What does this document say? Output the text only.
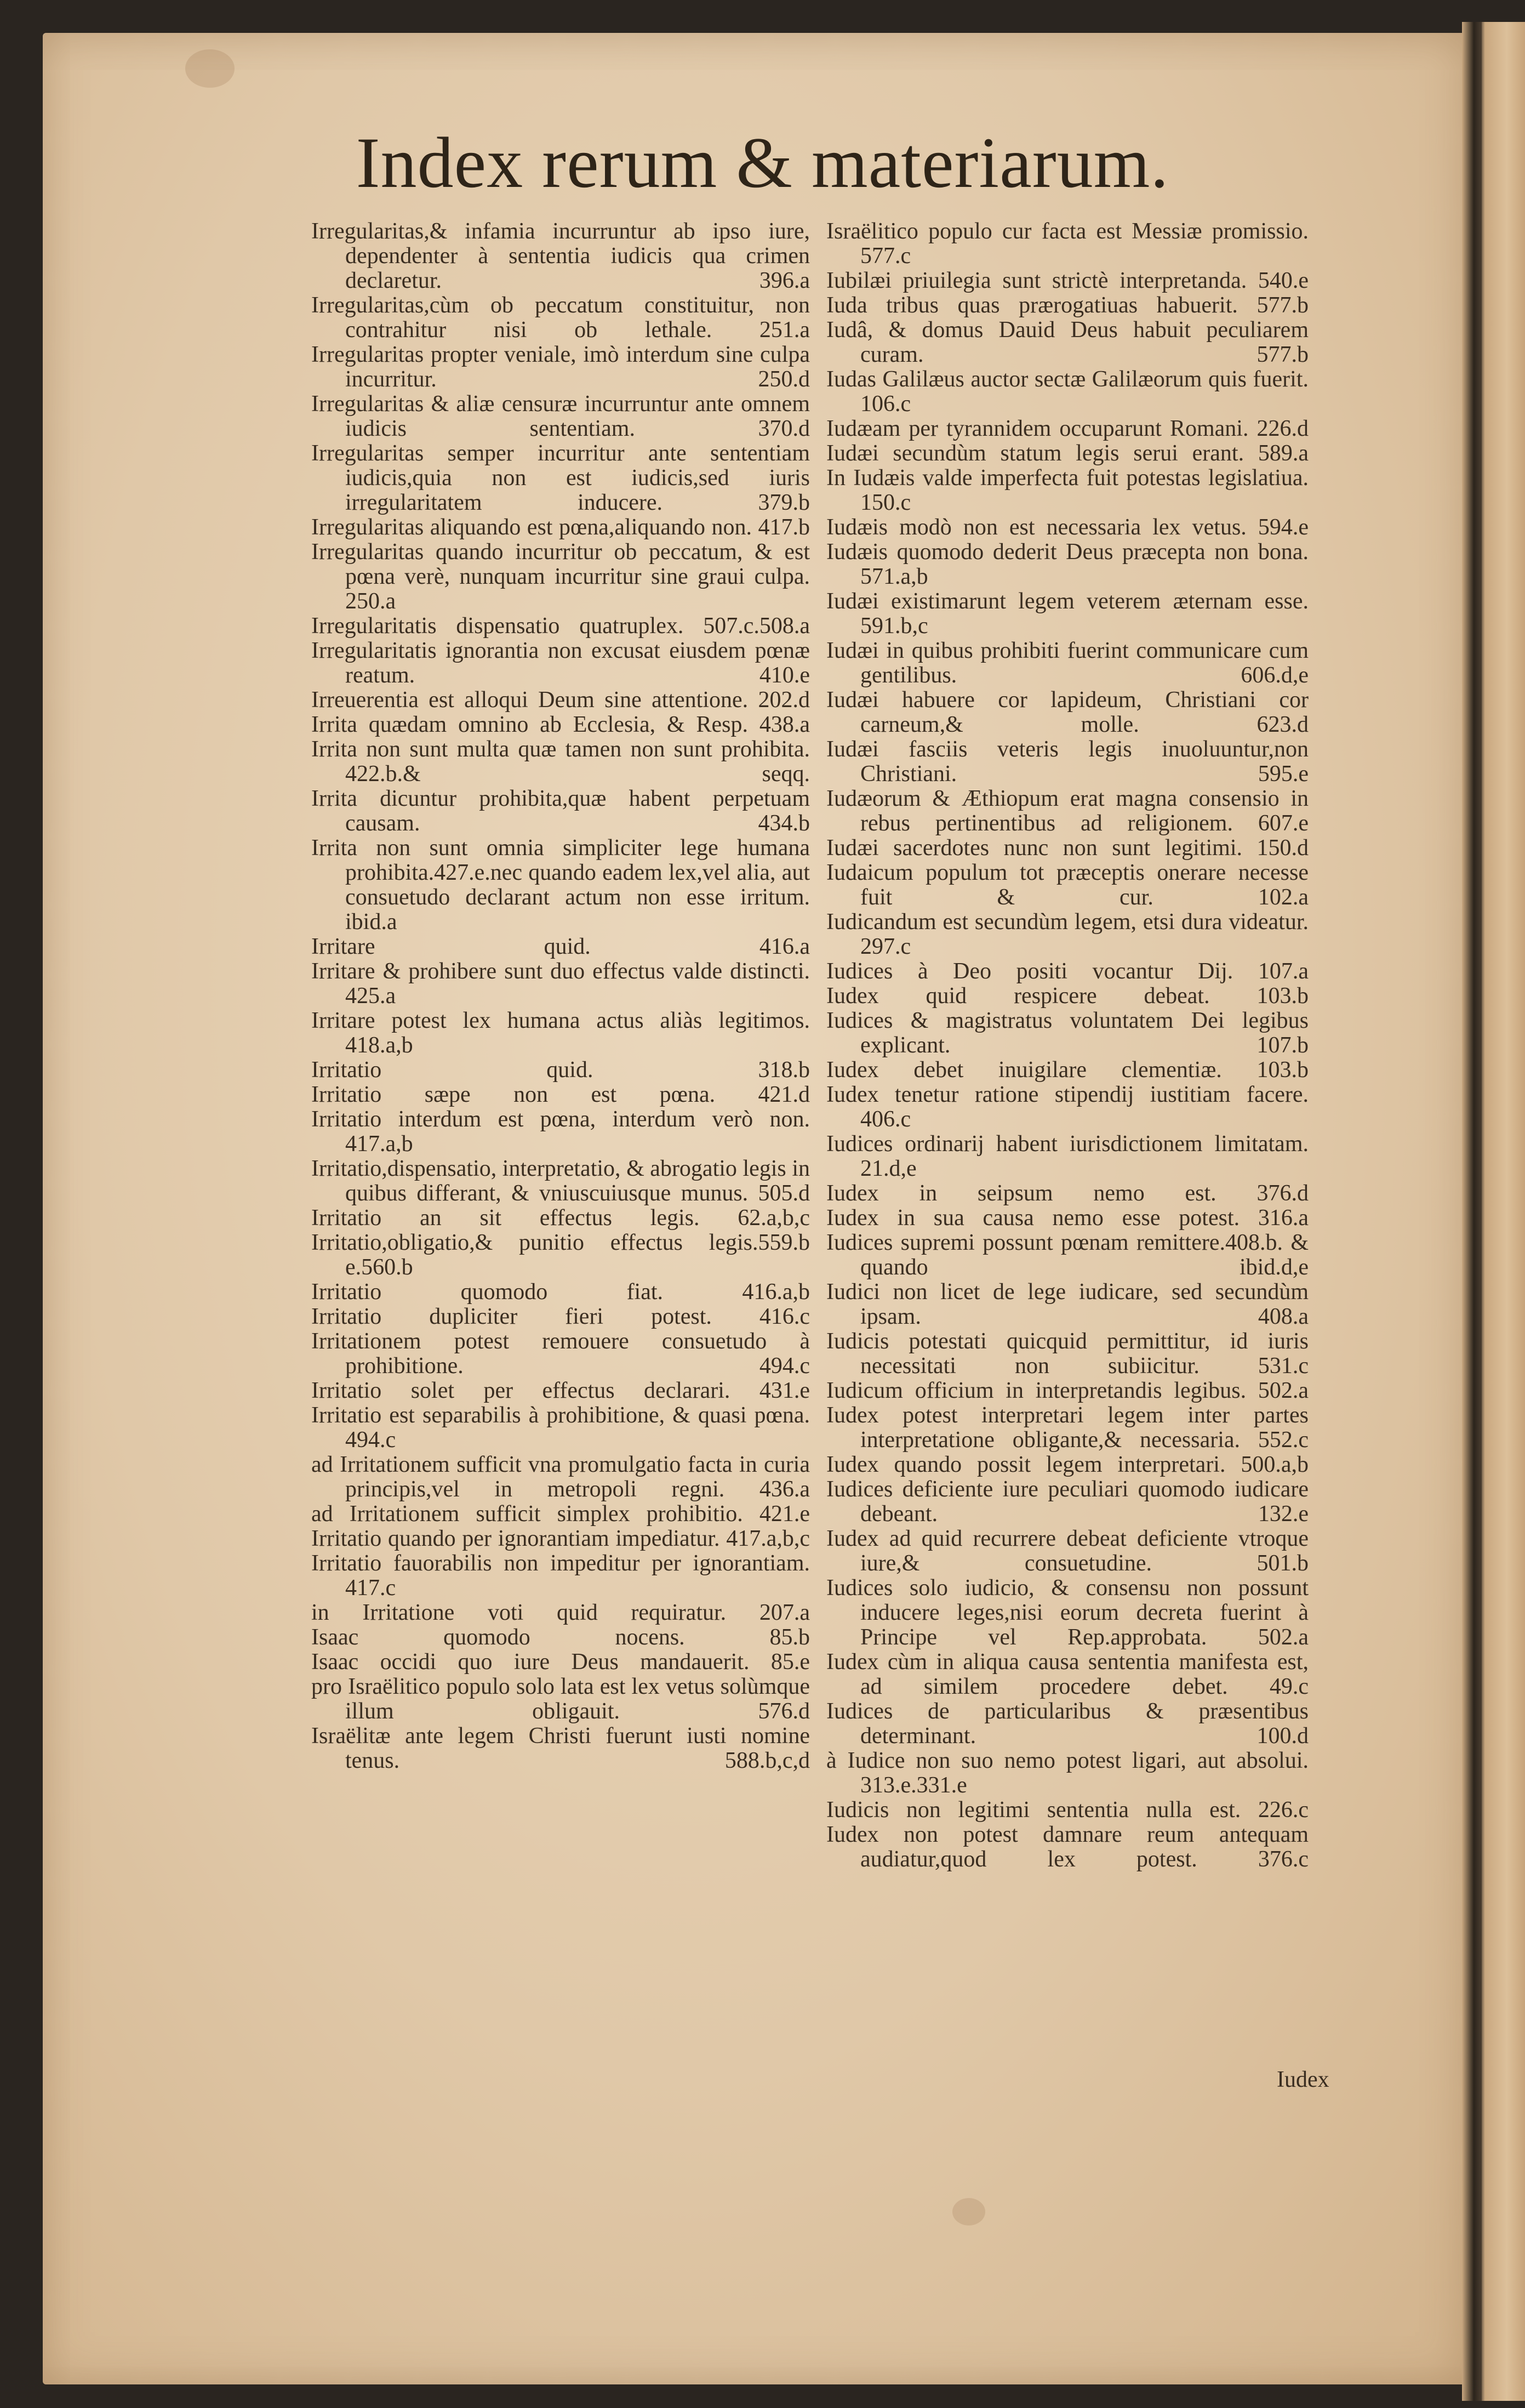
Index rerum & materiarum.

Irregularitas,& infamia incurruntur ab ipso iure, dependenter à sententia iudicis qua crimen declaretur. 396.a

Irregularitas,cùm ob peccatum constituitur, non contrahitur nisi ob lethale. 251.a

Irregularitas propter veniale, imò interdum sine culpa incurritur. 250.d

Irregularitas & aliæ censuræ incurruntur ante omnem iudicis sententiam. 370.d

Irregularitas semper incurritur ante sententiam iudicis,quia non est iudicis,sed iuris irregularitatem inducere. 379.b

Irregularitas aliquando est pœna,aliquando non. 417.b

Irregularitas quando incurritur ob peccatum, & est pœna verè, nunquam incurritur sine graui culpa. 250.a

Irregularitatis dispensatio quatruplex. 507.c.508.a

Irregularitatis ignorantia non excusat eiusdem pœnæ reatum. 410.e

Irreuerentia est alloqui Deum sine attentione. 202.d

Irrita quædam omnino ab Ecclesia, & Resp. 438.a

Irrita non sunt multa quæ tamen non sunt prohibita. 422.b.& seqq.

Irrita dicuntur prohibita,quæ habent perpetuam causam. 434.b

Irrita non sunt omnia simpliciter lege humana prohibita.427.e.nec quando eadem lex,vel alia, aut consuetudo declarant actum non esse irritum. ibid.a

Irritare quid. 416.a

Irritare & prohibere sunt duo effectus valde distincti. 425.a

Irritare potest lex humana actus aliàs legitimos. 418.a,b

Irritatio quid. 318.b

Irritatio sæpe non est pœna. 421.d

Irritatio interdum est pœna, interdum verò non. 417.a,b

Irritatio,dispensatio, interpretatio, & abrogatio legis in quibus differant, & vniuscuiusque munus. 505.d

Irritatio an sit effectus legis. 62.a,b,c

Irritatio,obligatio,& punitio effectus legis.559.b e.560.b

Irritatio quomodo fiat. 416.a,b

Irritatio dupliciter fieri potest. 416.c

Irritationem potest remouere consuetudo à prohibitione. 494.c

Irritatio solet per effectus declarari. 431.e

Irritatio est separabilis à prohibitione, & quasi pœna. 494.c

ad Irritationem sufficit vna promulgatio facta in curia principis,vel in metropoli regni. 436.a

ad Irritationem sufficit simplex prohibitio. 421.e

Irritatio quando per ignorantiam impediatur. 417.a,b,c

Irritatio fauorabilis non impeditur per ignorantiam. 417.c

in Irritatione voti quid requiratur. 207.a

Isaac quomodo nocens. 85.b

Isaac occidi quo iure Deus mandauerit. 85.e

pro Israëlitico populo solo lata est lex vetus solùmque illum obligauit. 576.d

Israëlitæ ante legem Christi fuerunt iusti nomine tenus. 588.b,c,d

Israëlitico populo cur facta est Messiæ promissio. 577.c

Iubilæi priuilegia sunt strictè interpretanda. 540.e

Iuda tribus quas prærogatiuas habuerit. 577.b

Iudâ, & domus Dauid Deus habuit peculiarem curam. 577.b

Iudas Galilæus auctor sectæ Galilæorum quis fuerit. 106.c

Iudæam per tyrannidem occuparunt Romani. 226.d

Iudæi secundùm statum legis serui erant. 589.a

In Iudæis valde imperfecta fuit potestas legislatiua. 150.c

Iudæis modò non est necessaria lex vetus. 594.e

Iudæis quomodo dederit Deus præcepta non bona. 571.a,b

Iudæi existimarunt legem veterem æternam esse. 591.b,c

Iudæi in quibus prohibiti fuerint communicare cum gentilibus. 606.d,e

Iudæi habuere cor lapideum, Christiani cor carneum,& molle. 623.d

Iudæi fasciis veteris legis inuoluuntur,non Christiani. 595.e

Iudæorum & Æthiopum erat magna consensio in rebus pertinentibus ad religionem. 607.e

Iudæi sacerdotes nunc non sunt legitimi. 150.d

Iudaicum populum tot præceptis onerare necesse fuit & cur. 102.a

Iudicandum est secundùm legem, etsi dura videatur. 297.c

Iudices à Deo positi vocantur Dij. 107.a

Iudex quid respicere debeat. 103.b

Iudices & magistratus voluntatem Dei legibus explicant. 107.b

Iudex debet inuigilare clementiæ. 103.b

Iudex tenetur ratione stipendij iustitiam facere. 406.c

Iudices ordinarij habent iurisdictionem limitatam. 21.d,e

Iudex in seipsum nemo est. 376.d

Iudex in sua causa nemo esse potest. 316.a

Iudices supremi possunt pœnam remittere.408.b. & quando ibid.d,e

Iudici non licet de lege iudicare, sed secundùm ipsam. 408.a

Iudicis potestati quicquid permittitur, id iuris necessitati non subiicitur. 531.c

Iudicum officium in interpretandis legibus. 502.a

Iudex potest interpretari legem inter partes interpretatione obligante,& necessaria. 552.c

Iudex quando possit legem interpretari. 500.a,b

Iudices deficiente iure peculiari quomodo iudicare debeant. 132.e

Iudex ad quid recurrere debeat deficiente vtroque iure,& consuetudine. 501.b

Iudices solo iudicio, & consensu non possunt inducere leges,nisi eorum decreta fuerint à Principe vel Rep.approbata. 502.a

Iudex cùm in aliqua causa sententia manifesta est, ad similem procedere debet. 49.c

Iudices de particularibus & præsentibus determinant. 100.d

à Iudice non suo nemo potest ligari, aut absolui. 313.e.331.e

Iudicis non legitimi sententia nulla est. 226.c

Iudex non potest damnare reum antequam audiatur,quod lex potest. 376.c

Iudex
